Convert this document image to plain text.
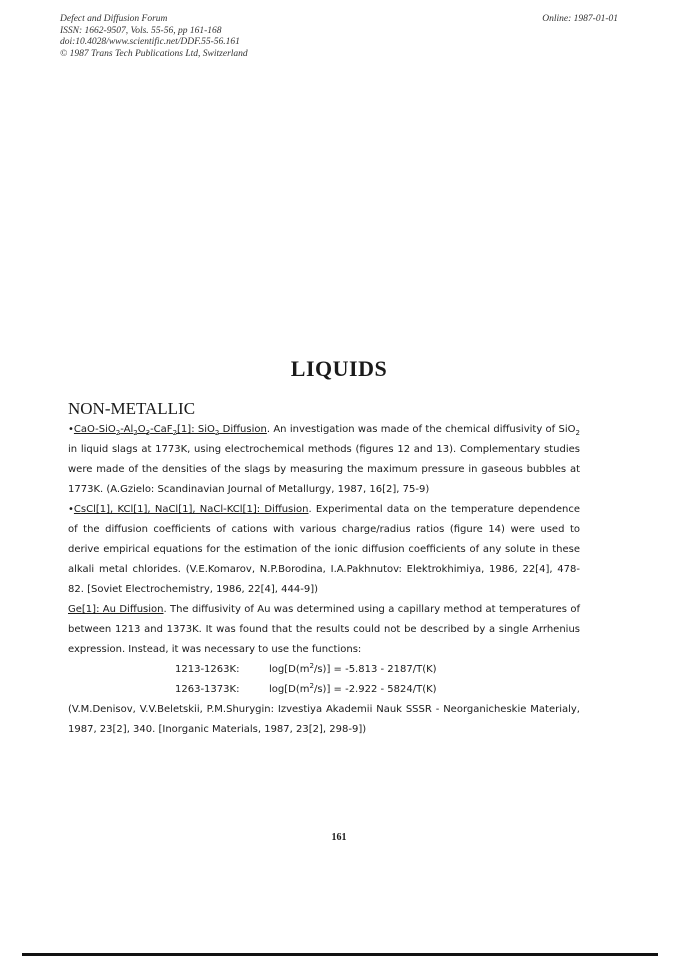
Defect and Diffusion Forum
ISSN: 1662-9507, Vols. 55-56, pp 161-168
doi:10.4028/www.scientific.net/DDF.55-56.161
© 1987 Trans Tech Publications Ltd, Switzerland
Online: 1987-01-01
LIQUIDS
NON-METALLIC

$•CaO-SiO_2-Al_2O_3-CaF_2[1]$: SiO$_2$ Diffusion. An investigation was made of the chemical diffusivity of SiO$_2$ in liquid slags at 1773K, using electrochemical methods (figures 12 and 13). Complementary studies were made of the densities of the slags by measuring the maximum pressure in gaseous bubbles at 1773K. (A.Gzielo: Scandinavian Journal of Metallurgy, 1987, 16[2], 75-9)

•CsCl[1], KCl[1], NaCl[1], NaCl-KCl[1]: Diffusion. Experimental data on the temperature dependence of the diffusion coefficients of cations with various charge/radius ratios (figure 14) were used to derive empirical equations for the estimation of the ionic diffusion coefficients of any solute in these alkali metal chlorides. (V.E.Komarov, N.P.Borodina, I.A.Pakhnutov: Elektrokhimiya, 1986, 22[4], 478-82. [Soviet Electrochemistry, 1986, 22[4], 444-9])

Ge[1]: Au Diffusion. The diffusivity of Au was determined using a capillary method at temperatures of between 1213 and 1373K. It was found that the results could not be described by a single Arrhenius expression. Instead, it was necessary to use the functions:

1213-1263K:	$\log[D(m^2/s)] = -5.813 - 2187/T(K)$
1263-1373K:	$\log[D(m^2/s)] = -2.922 - 5824/T(K)$

(V.M.Denisov, V.V.Beletskii, P.M.Shurygin: Izvestiya Akademii Nauk SSSR - Neorganicheskie Materialy, 1987, 23[2], 340. [Inorganic Materials, 1987, 23[2], 298-9])

161
